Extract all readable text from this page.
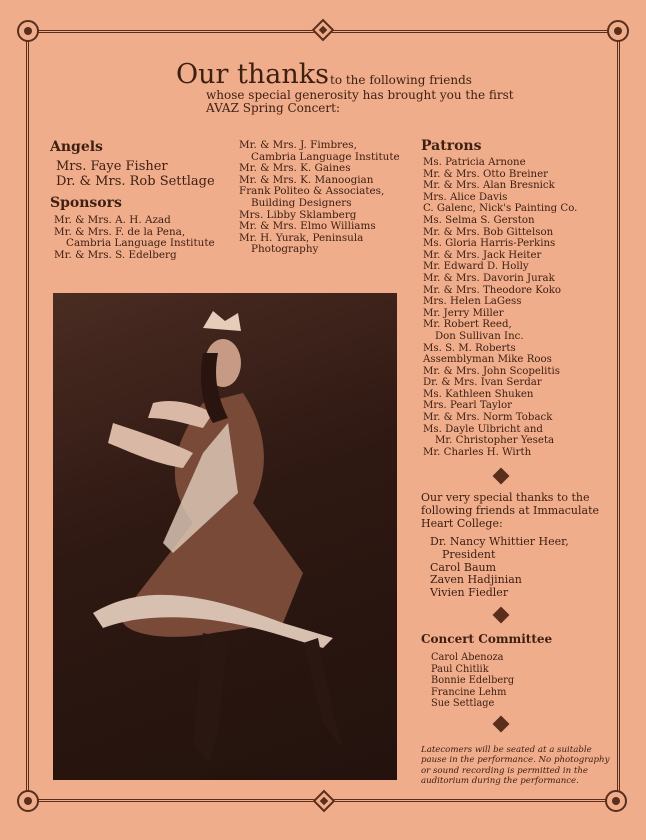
Our thanks to the following friends
whose special generosity has brought you the first
AVAZ Spring Concert:
Angels
Mrs. Faye Fisher
Dr. & Mrs. Rob Settlage
Sponsors
Mr. & Mrs. A. H. Azad
Mr. & Mrs. F. de la Pena,
Cambria Language Institute
Mr. & Mrs. S. Edelberg
Mr. & Mrs. J. Fimbres,
Cambria Language Institute
Mr. & Mrs. K. Gaines
Mr. & Mrs. K. Manoogian
Frank Politeo & Associates,
Building Designers
Mrs. Libby Sklamberg
Mr. & Mrs. Elmo Williams
Mr. H. Yurak, Peninsula
Photography
Patrons
Ms. Patricia Arnone
Mr. & Mrs. Otto Breiner
Mr. & Mrs. Alan Bresnick
Mrs. Alice Davis
C. Galenc, Nick's Painting Co.
Ms. Selma S. Gerston
Mr. & Mrs. Bob Gittelson
Ms. Gloria Harris-Perkins
Mr. & Mrs. Jack Heiter
Mr. Edward D. Holly
Mr. & Mrs. Davorin Jurak
Mr. & Mrs. Theodore Koko
Mrs. Helen LaGess
Mr. Jerry Miller
Mr. Robert Reed,
Don Sullivan Inc.
Ms. S. M. Roberts
Assemblyman Mike Roos
Mr. & Mrs. John Scopelitis
Dr. & Mrs. Ivan Serdar
Ms. Kathleen Shuken
Mrs. Pearl Taylor
Mr. & Mrs. Norm Toback
Ms. Dayle Ulbricht and
Mr. Christopher Yeseta
Mr. Charles H. Wirth
Our very special thanks to the
following friends at Immaculate
Heart College:
Dr. Nancy Whittier Heer,
President
Carol Baum
Zaven Hadjinian
Vivien Fiedler
Concert Committee
Carol Abenoza
Paul Chitlik
Bonnie Edelberg
Francine Lehm
Sue Settlage
Latecomers will be seated at a suitable
pause in the performance. No photography
or sound recording is permitted in the
auditorium during the performance.
